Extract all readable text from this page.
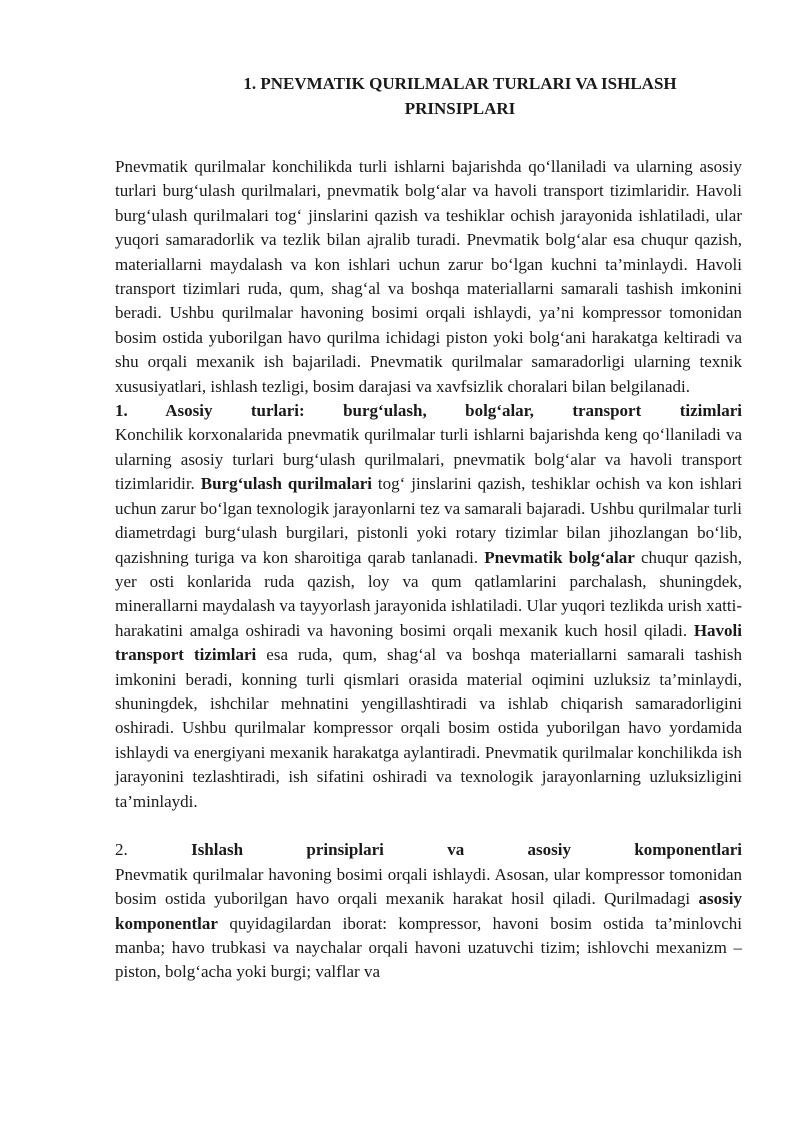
1. PNEVMATIK QURILMALAR TURLARI VA ISHLASH
PRINSIPLARI

Pnevmatik qurilmalar konchilikda turli ishlarni bajarishda qo‘llaniladi va ularning asosiy turlari burg‘ulash qurilmalari, pnevmatik bolg‘alar va havoli transport tizimlaridir. Havoli burg‘ulash qurilmalari tog‘ jinslarini qazish va teshiklar ochish jarayonida ishlatiladi, ular yuqori samaradorlik va tezlik bilan ajralib turadi. Pnevmatik bolg‘alar esa chuqur qazish, materiallarni maydalash va kon ishlari uchun zarur bo‘lgan kuchni ta’minlaydi. Havoli transport tizimlari ruda, qum, shag‘al va boshqa materiallarni samarali tashish imkonini beradi. Ushbu qurilmalar havoning bosimi orqali ishlaydi, ya’ni kompressor tomonidan bosim ostida yuborilgan havo qurilma ichidagi piston yoki bolg‘ani harakatga keltiradi va shu orqali mexanik ish bajariladi. Pnevmatik qurilmalar samaradorligi ularning texnik xususiyatlari, ishlash tezligi, bosim darajasi va xavfsizlik choralari bilan belgilanadi.

1. Asosiy turlari: burg‘ulash, bolg‘alar, transport tizimlari
Konchilik korxonalarida pnevmatik qurilmalar turli ishlarni bajarishda keng qo‘llaniladi va ularning asosiy turlari burg‘ulash qurilmalari, pnevmatik bolg‘alar va havoli transport tizimlaridir. Burg‘ulash qurilmalari tog‘ jinslarini qazish, teshiklar ochish va kon ishlari uchun zarur bo‘lgan texnologik jarayonlarni tez va samarali bajaradi. Ushbu qurilmalar turli diametrdagi burg‘ulash burgilari, pistonli yoki rotary tizimlar bilan jihozlangan bo‘lib, qazishning turiga va kon sharoitiga qarab tanlanadi. Pnevmatik bolg‘alar chuqur qazish, yer osti konlarida ruda qazish, loy va qum qatlamlarini parchalash, shuningdek, minerallarni maydalash va tayyorlash jarayonida ishlatiladi. Ular yuqori tezlikda urish xatti-harakatini amalga oshiradi va havoning bosimi orqali mexanik kuch hosil qiladi. Havoli transport tizimlari esa ruda, qum, shag‘al va boshqa materiallarni samarali tashish imkonini beradi, konning turli qismlari orasida material oqimini uzluksiz ta’minlaydi, shuningdek, ishchilar mehnatini yengillashtiradi va ishlab chiqarish samaradorligini oshiradi. Ushbu qurilmalar kompressor orqali bosim ostida yuborilgan havo yordamida ishlaydi va energiyani mexanik harakatga aylantiradi. Pnevmatik qurilmalar konchilikda ish jarayonini tezlashtiradi, ish sifatini oshiradi va texnologik jarayonlarning uzluksizligini ta’minlaydi.
2.	Ishlash	prinsiplari	va	asosiy	komponentlari
Pnevmatik qurilmalar havoning bosimi orqali ishlaydi. Asosan, ular kompressor tomonidan bosim ostida yuborilgan havo orqali mexanik harakat hosil qiladi. Qurilmadagi asosiy komponentlar quyidagilardan iborat: kompressor, havoni bosim ostida ta’minlovchi manba; havo trubkasi va naychalar orqali havoni uzatuvchi tizim; ishlovchi mexanizm – piston, bolg‘acha yoki burgi; valflar va
